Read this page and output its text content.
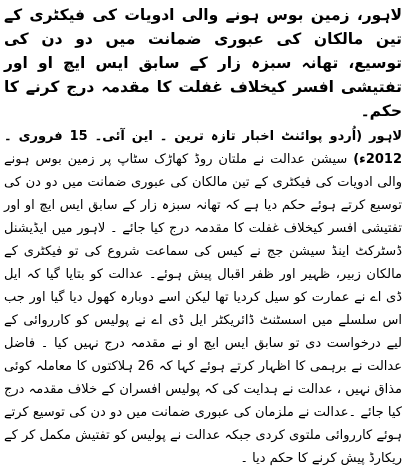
لاہور، زمین بوس ہونے والی ادویات کی فیکٹری کے تین مالکان کی عبوری ضمانت میں دو دن کی توسیع، تھانہ سبزہ زار کے سابق ایس ایچ او اور تفتیشی افسر کیخلاف غفلت کا مقدمہ درج کرنے کا حکم۔

لاہور (اُردو پوائنٹ اخبار تازہ ترین ۔ این آئی۔ 15 فروری ۔2012ء) سیشن عدالت نے ملتان روڈ کھاڑک سٹاپ پر زمین بوس ہونے والی ادویات کی فیکٹری کے تین مالکان کی عبوری ضمانت میں دو دن کی توسیع کرتے ہوئے حکم دیا ہے کہ تھانہ سبزہ زار کے سابق ایس ایچ او اور تفتیشی افسر کیخلاف غفلت کا مقدمہ درج کیا جائے ۔ لاہور میں ایڈیشنل ڈسٹرکٹ اینڈ سیشن جج نے کیس کی سماعت شروع کی تو فیکٹری کے مالکان زبیر، ظہیر اور ظفر اقبال پیش ہوئے۔ عدالت کو بتایا گیا کہ ایل ڈی اے نے عمارت کو سیل کردیا تھا لیکن اسے دوبارہ کھول دیا گیا اور جب اس سلسلے میں اسسٹنٹ ڈائریکٹر ایل ڈی اے نے پولیس کو کارروائی کے لیے درخواست دی تو سابق ایس ایچ او نے مقدمہ درج نہیں کیا ۔ فاضل عدالت نے برہمی کا اظہار کرتے ہوئے کہا کہ 26 ہلاکتوں کا معاملہ کوئی مذاق نہیں ، عدالت نے ہدایت کی کہ پولیس افسران کے خلاف مقدمہ درج کیا جائے ۔عدالت نے ملزمان کی عبوری ضمانت میں دو دن کی توسیع کرتے ہوئے کارروائی ملتوی کردی جبکہ عدالت نے پولیس کو تفتیش مکمل کر کے ریکارڈ پیش کرنے کا حکم دیا ۔
